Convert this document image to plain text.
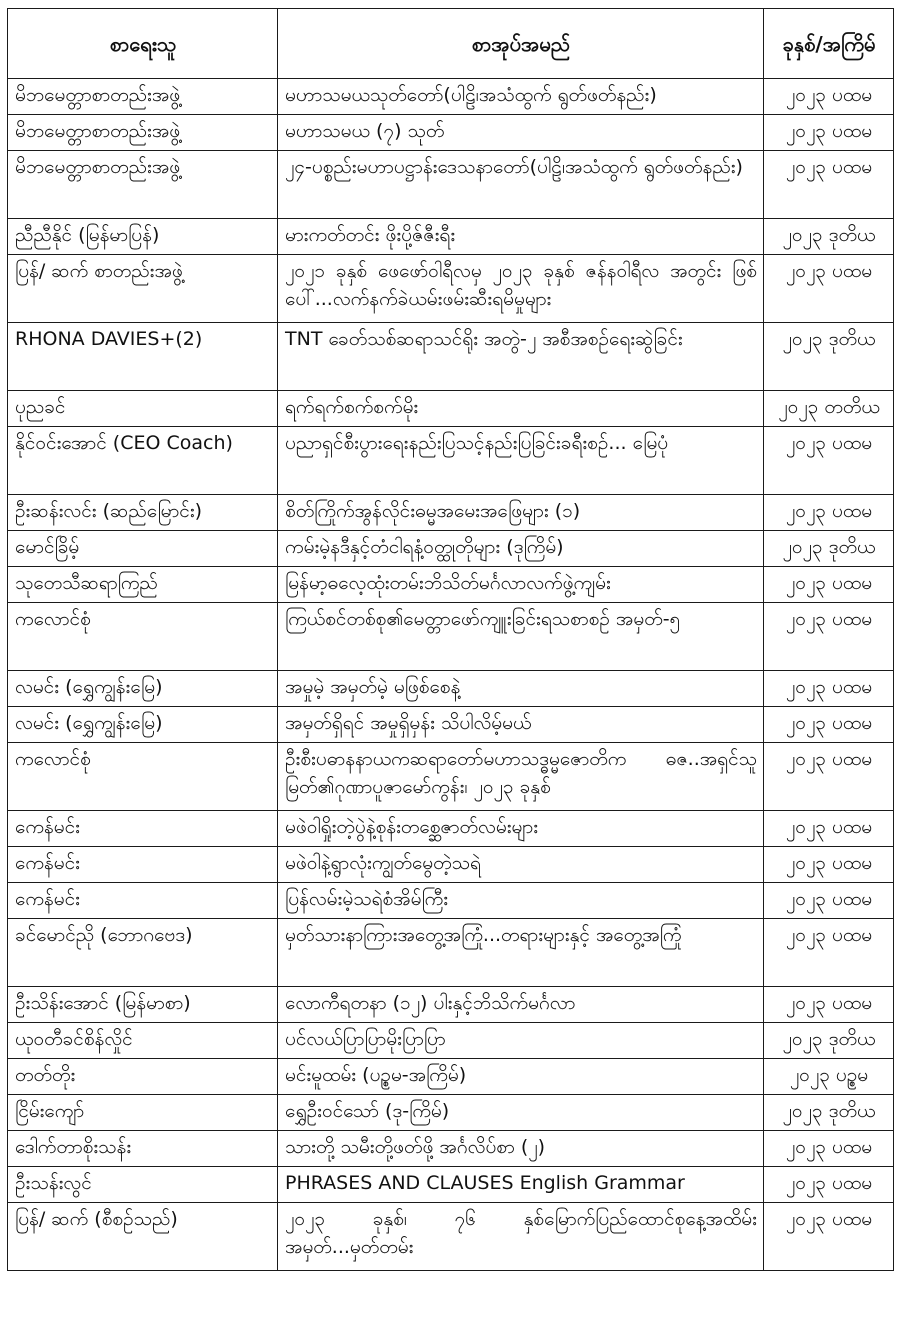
စာရေးသူ	စာအုပ်အမည်	ခုနှစ်/အကြိမ်
မိဘမေတ္တာစာတည်းအဖွဲ့	မဟာသမယသုတ်တော်(ပါဠိ၊အသံထွက် ရွတ်ဖတ်နည်း)	၂၀၂၃ ပထမ
မိဘမေတ္တာစာတည်းအဖွဲ့	မဟာသမယ (၇) သုတ်	၂၀၂၃ ပထမ
မိဘမေတ္တာစာတည်းအဖွဲ့	၂၄-ပစ္စည်းမဟာပဋ္ဌာန်းဒေသနာတော်(ပါဠိ၊အသံထွက် ရွတ်ဖတ်နည်း)	၂၀၂၃ ပထမ
ညီညီနိုင် (မြန်မာပြန်)	မားကတ်တင်း ဖိုးပို့ဇ်ဇီးရီး	၂၀၂၃ ဒုတိယ
ပြန်/ ဆက် စာတည်းအဖွဲ့	၂၀၂၁ ခုနှစ် ဖေဖော်ဝါရီလမှ ၂၀၂၃ ခုနှစ် ဇန်နဝါရီလ အတွင်း ဖြစ်ပေါ်...လက်နက်ခဲယမ်းဖမ်းဆီးရမိမှုများ	၂၀၂၃ ပထမ
RHONA DAVIES+(2)	TNT ခေတ်သစ်ဆရာသင်ရိုး အတွဲ-၂ အစီအစဉ်ရေးဆွဲခြင်း	၂၀၂၃ ဒုတိယ
ပုညခင်	ရက်ရက်စက်စက်မိုး	၂၀၂၃ တတိယ
နိုင်ဝင်းအောင် (CEO Coach)	ပညာရှင်စီးပွားရေးနည်းပြသင့်နည်းပြခြင်းခရီးစဉ်... မြေပုံ	၂၀၂၃ ပထမ
ဦးဆန်းလင်း (ဆည်မြောင်း)	စိတ်ကြိုက်အွန်လိုင်းဓမ္မအမေးအဖြေများ (၁)	၂၀၂၃ ပထမ
မောင်ခြိမ့်	ကမ်းမဲ့နဒီနှင့်တံငါရနံ့ဝတ္ထုတိုများ (ဒုကြိမ်)	၂၀၂၃ ဒုတိယ
သုတေသီဆရာကြည်	မြန်မာ့ဓလေ့ထုံးတမ်းဘိသိတ်မင်္ဂလာလက်ဖွဲ့ကျမ်း	၂၀၂၃ ပထမ
ကလောင်စုံ	ကြယ်စင်တစ်စု၏မေတ္တာဖော်ကျူးခြင်းရသစာစဉ် အမှတ်-၅	၂၀၂၃ ပထမ
လမင်း (ရွှေကျွန်းမြေ)	အမှုမဲ့ အမှတ်မဲ့ မဖြစ်စေနဲ့	၂၀၂၃ ပထမ
လမင်း (ရွှေကျွန်းမြေ)	အမှတ်ရှိရင် အမှုရှိမှန်း သိပါလိမ့်မယ်	၂၀၂၃ ပထမ
ကလောင်စုံ	ဦးစီးပဓာနနာယကဆရာတော်မဟာသဒ္ဓမ္မဇောတိက ဓဇ..အရှင်သူမြတ်၏ဂုဏာပူဇာမော်ကွန်း၊ ၂၀၂၃ ခုနှစ်	၂၀၂၃ ပထမ
ကေန်မင်း	မဖဲဝါရှိုးတဲ့ပွဲနဲ့စုန်းတစ္ဆေဇာတ်လမ်းများ	၂၀၂၃ ပထမ
ကေန်မင်း	မဖဲဝါနဲ့ရွာလုံးကျွတ်မွေတဲ့သရဲ	၂၀၂၃ ပထမ
ကေန်မင်း	ပြန်လမ်းမဲ့သရဲစံအိမ်ကြီး	၂၀၂၃ ပထမ
ခင်မောင်ညို (ဘောဂဗေဒ)	မှတ်သားနာကြားအတွေ့အကြုံ...တရားများနှင့် အတွေ့အကြုံ	၂၀၂၃ ပထမ
ဦးသိန်းအောင် (မြန်မာစာ)	လောကီရတနာ (၁၂) ပါးနှင့်ဘိသိက်မင်္ဂလာ	၂၀၂၃ ပထမ
ယုဝတီခင်စိန်လှိုင်	ပင်လယ်ပြာပြာမိုးပြာပြာ	၂၀၂၃ ဒုတိယ
တတ်တိုး	မင်းမူထမ်း (ပဉ္စမ-အကြိမ်)	၂၀၂၃ ပဉ္စမ
ငြိမ်းကျော်	ရွှေဦးဝင်သော် (ဒု-ကြိမ်)	၂၀၂၃ ဒုတိယ
ဒေါက်တာစိုးသန်း	သားတို့ သမီးတို့ဖတ်ဖို့ အင်္ဂလိပ်စာ (၂)	၂၀၂၃ ပထမ
ဦးသန်းလွင်	PHRASES AND CLAUSES English Grammar	၂၀၂၃ ပထမ
ပြန်/ ဆက် (စီစဉ်သည်)	၂၀၂၃ ခုနှစ်၊ ၇၆ နှစ်မြောက်ပြည်ထောင်စုနေ့အထိမ်း အမှတ်...မှတ်တမ်း	၂၀၂၃ ပထမ
